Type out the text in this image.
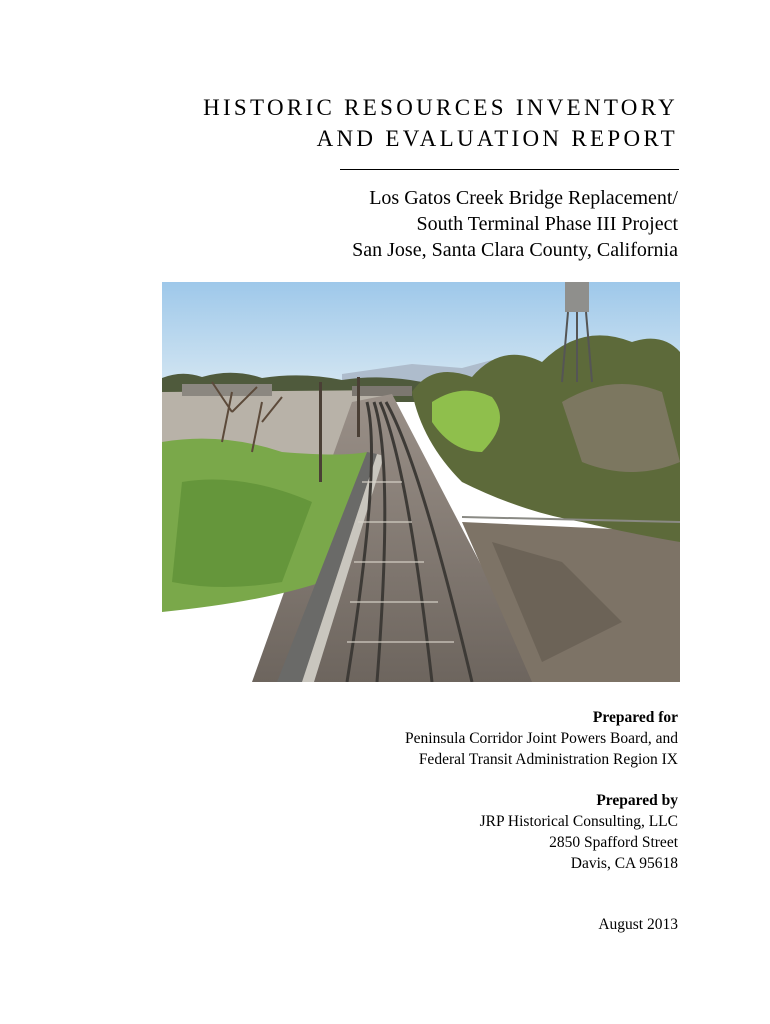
HISTORIC RESOURCES INVENTORY
AND EVALUATION REPORT
Los Gatos Creek Bridge Replacement/
South Terminal Phase III Project
San Jose, Santa Clara County, California
Prepared for
Peninsula Corridor Joint Powers Board, and
Federal Transit Administration Region IX
Prepared by
JRP Historical Consulting, LLC
2850 Spafford Street
Davis, CA 95618
August 2013
